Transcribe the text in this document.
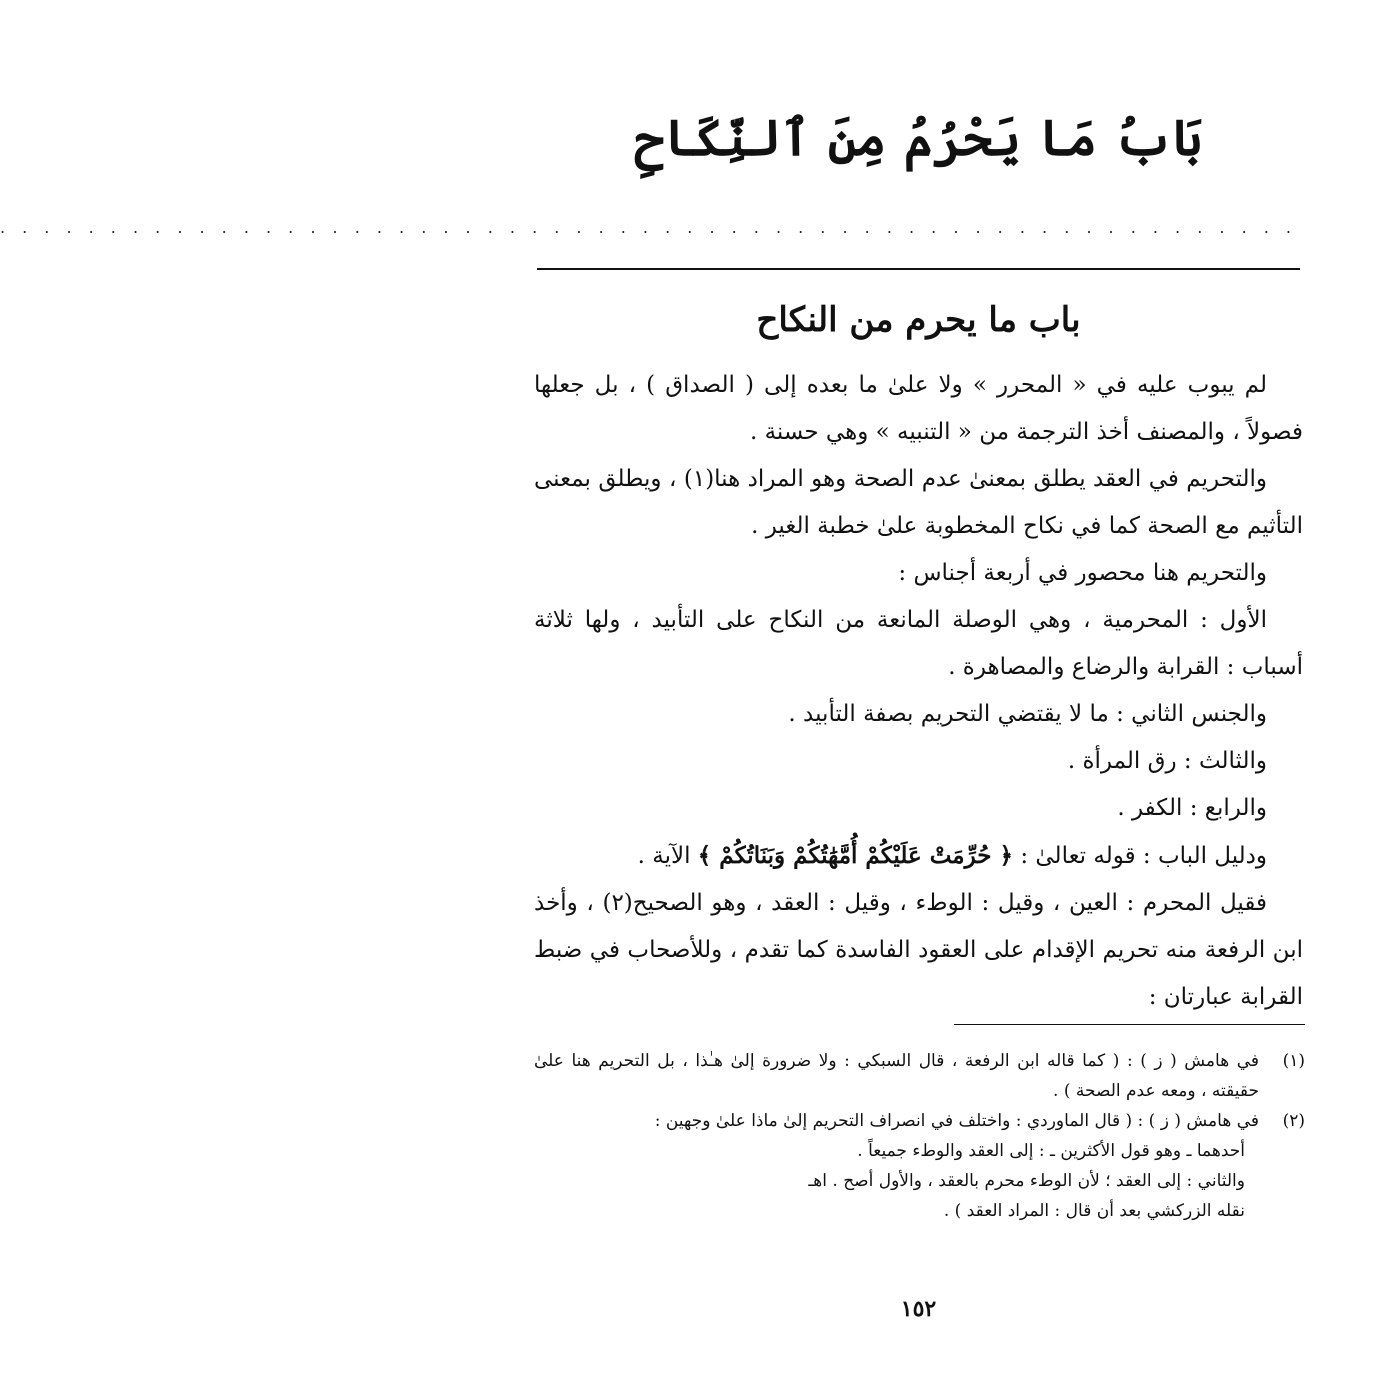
بَابُ مَا يَحْرُمُ مِنَ ٱلنِّكَاحِ
. . . . . . . . . . . . . . . . . . . . . . . . . . . . . . . . . . . . . . . . . . . . . . . . . . . . . . . . . . .
باب ما يحرم من النكاح

لم يبوب عليه في « المحرر » ولا علىٰ ما بعده إلى ( الصداق ) ، بل جعلها فصولاً ، والمصنف أخذ الترجمة من « التنبيه » وهي حسنة .

والتحريم في العقد يطلق بمعنىٰ عدم الصحة وهو المراد هنا(١) ، ويطلق بمعنى التأثيم مع الصحة كما في نكاح المخطوبة علىٰ خطبة الغير .

والتحريم هنا محصور في أربعة أجناس :

الأول : المحرمية ، وهي الوصلة المانعة من النكاح على التأبيد ، ولها ثلاثة أسباب : القرابة والرضاع والمصاهرة .

والجنس الثاني : ما لا يقتضي التحريم بصفة التأبيد .

والثالث : رق المرأة .

والرابع : الكفر .

ودليل الباب : قوله تعالىٰ : ﴿ حُرِّمَتْ عَلَيْكُمْ أُمَّهَٰتُكُمْ وَبَنَاتُكُمْ ﴾ الآية .

فقيل المحرم : العين ، وقيل : الوطء ، وقيل : العقد ، وهو الصحيح(٢) ، وأخذ ابن الرفعة منه تحريم الإقدام على العقود الفاسدة كما تقدم ، وللأصحاب في ضبط القرابة عبارتان :

(١)
في هامش ( ز ) : ( كما قاله ابن الرفعة ، قال السبكي : ولا ضرورة إلىٰ هـٰذا ، بل التحريم هنا علىٰ حقيقته ، ومعه عدم الصحة ) .
(٢)
في هامش ( ز ) : ( قال الماوردي : واختلف في انصراف التحريم إلىٰ ماذا علىٰ وجهين :
أحدهما ـ وهو قول الأكثرين ـ : إلى العقد والوطء جميعاً .
والثاني : إلى العقد ؛ لأن الوطء محرم بالعقد ، والأول أصح . اهـ
نقله الزركشي بعد أن قال : المراد العقد ) .
١٥٢
